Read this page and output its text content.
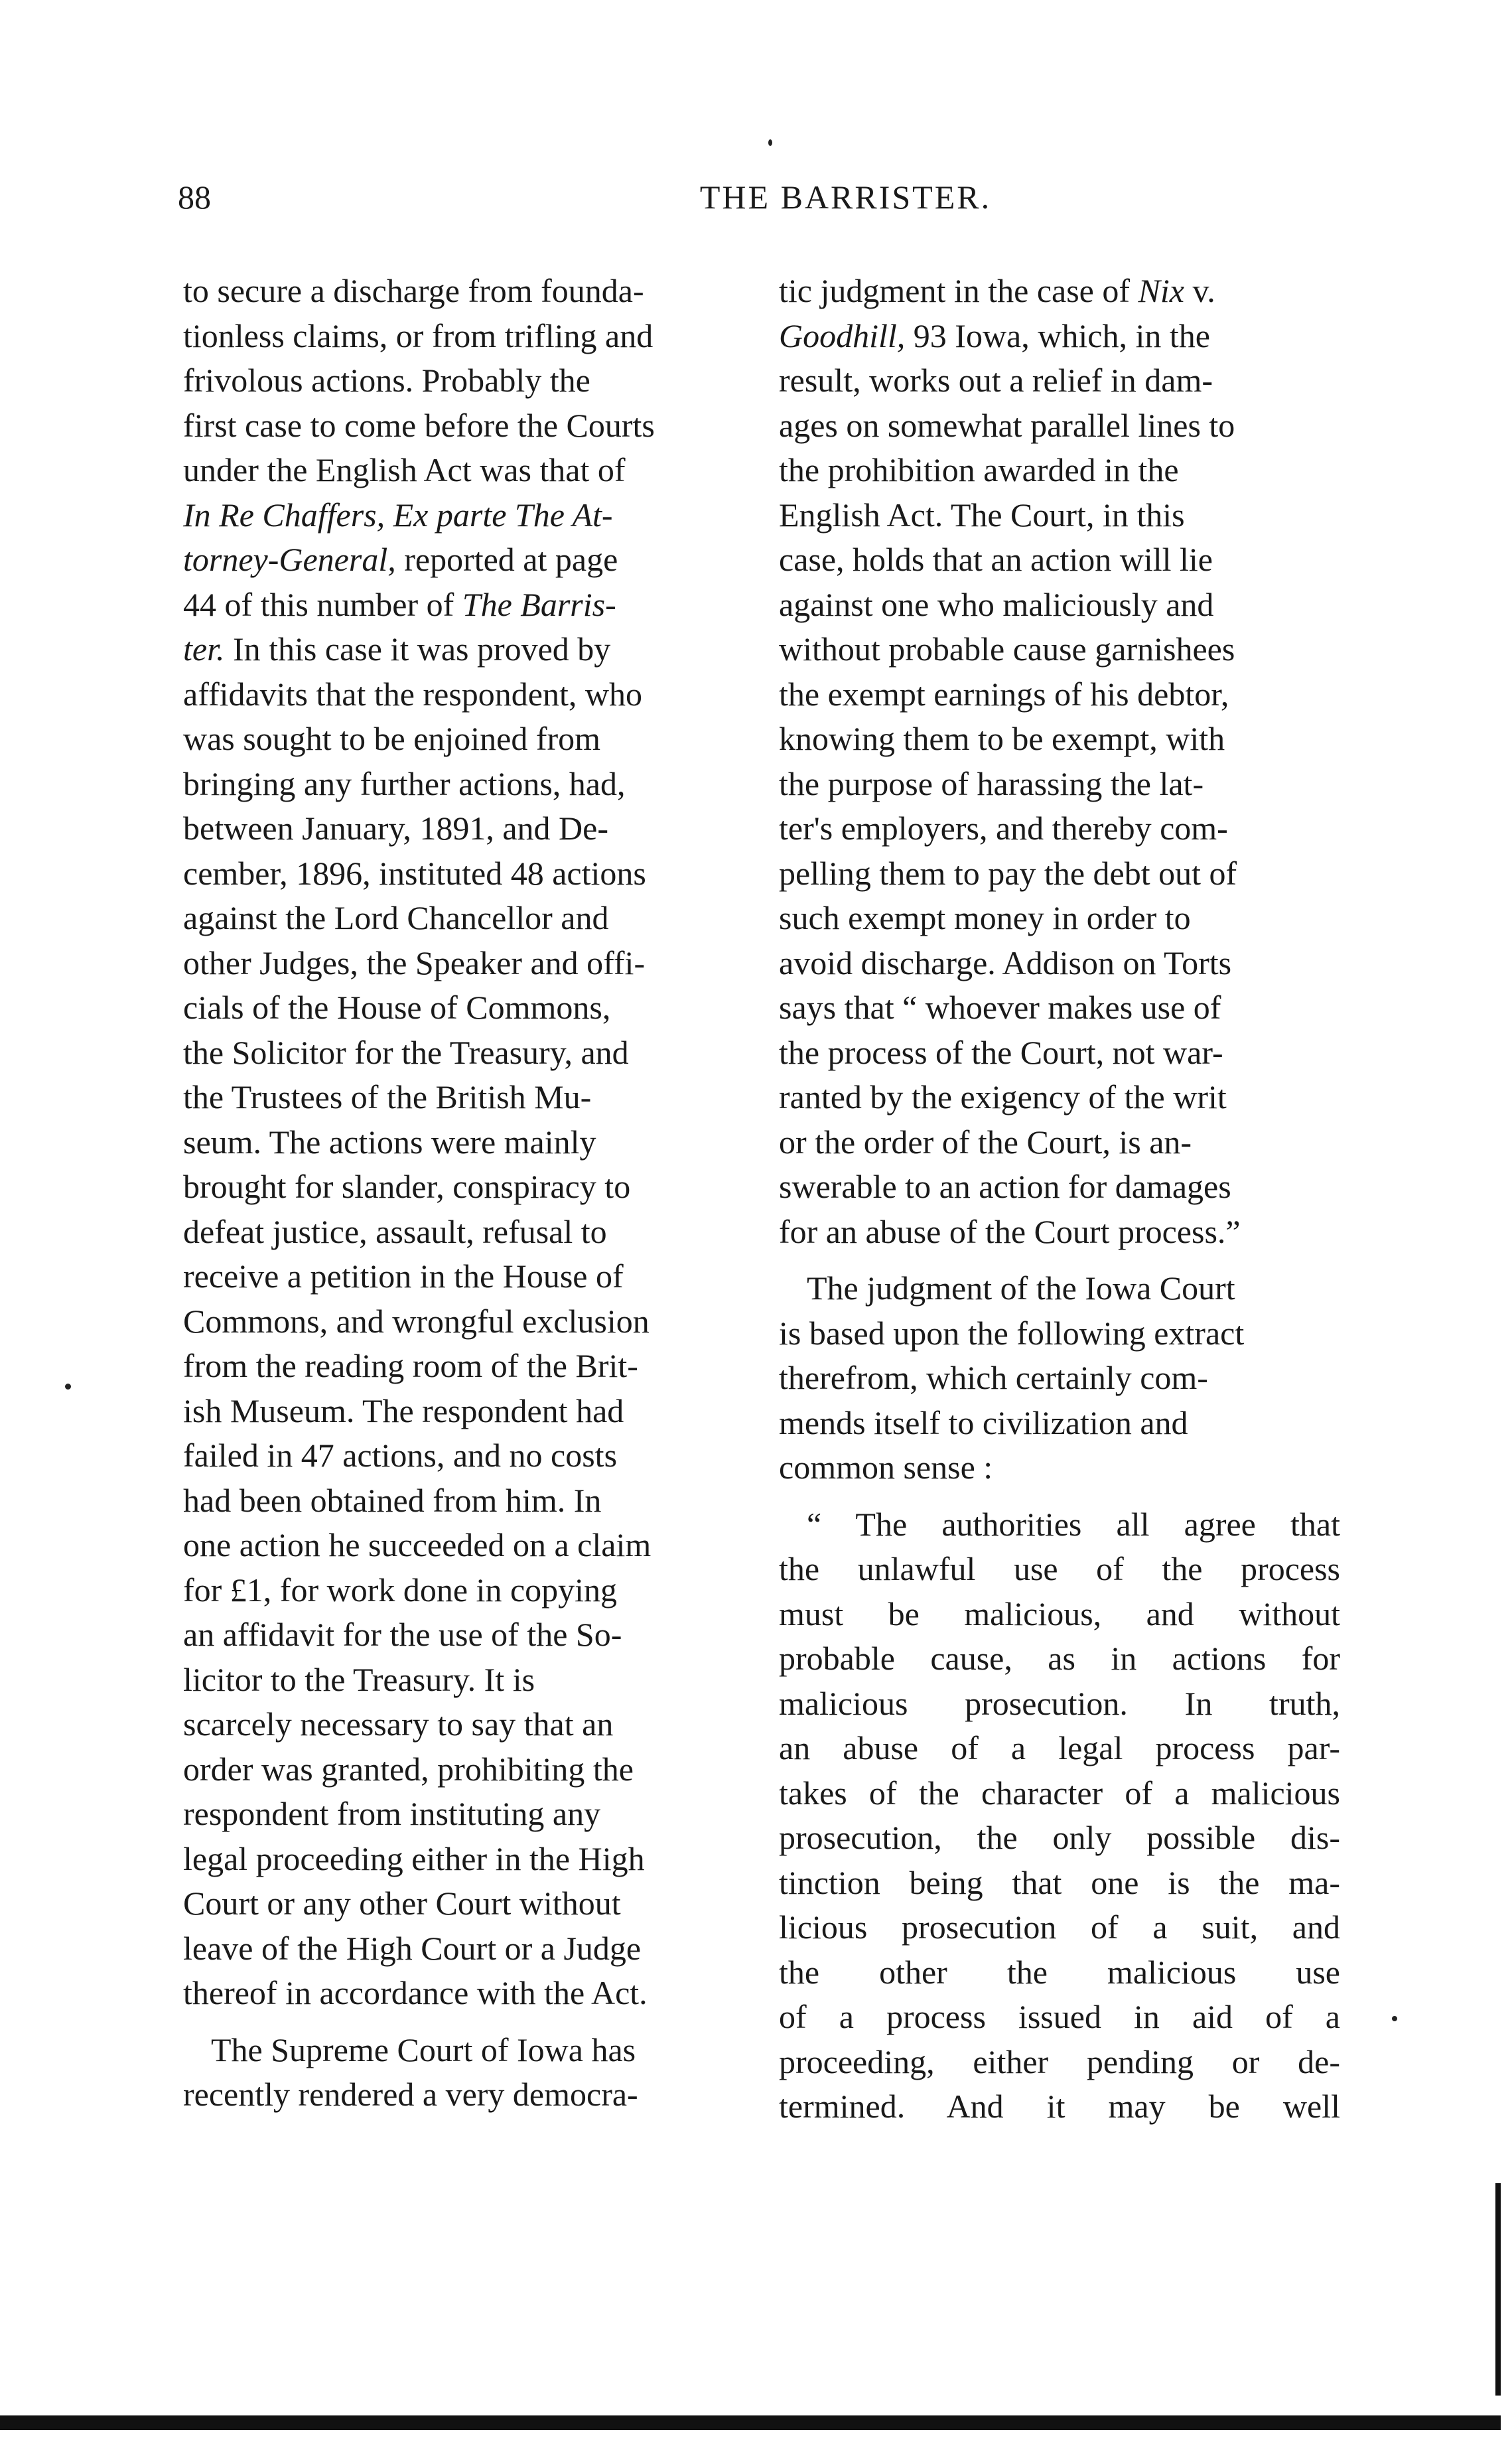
88	THE BARRISTER.

to secure a discharge from founda-
tionless claims, or from trifling and
frivolous actions. Probably the
first case to come before the Courts
under the English Act was that of
In Re Chaffers, Ex parte The At-
torney-General, reported at page
44 of this number of The Barris-
ter. In this case it was proved by
affidavits that the respondent, who
was sought to be enjoined from
bringing any further actions, had,
between January, 1891, and De-
cember, 1896, instituted 48 actions
against the Lord Chancellor and
other Judges, the Speaker and offi-
cials of the House of Commons,
the Solicitor for the Treasury, and
the Trustees of the British Mu-
seum. The actions were mainly
brought for slander, conspiracy to
defeat justice, assault, refusal to
receive a petition in the House of
Commons, and wrongful exclusion
from the reading room of the Brit-
ish Museum. The respondent had
failed in 47 actions, and no costs
had been obtained from him. In
one action he succeeded on a claim
for £1, for work done in copying
an affidavit for the use of the So-
licitor to the Treasury. It is
scarcely necessary to say that an
order was granted, prohibiting the
respondent from instituting any
legal proceeding either in the High
Court or any other Court without
leave of the High Court or a Judge
thereof in accordance with the Act.

The Supreme Court of Iowa has
recently rendered a very democra-

tic judgment in the case of Nix v.
Goodhill, 93 Iowa, which, in the
result, works out a relief in dam-
ages on somewhat parallel lines to
the prohibition awarded in the
English Act. The Court, in this
case, holds that an action will lie
against one who maliciously and
without probable cause garnishees
the exempt earnings of his debtor,
knowing them to be exempt, with
the purpose of harassing the lat-
ter's employers, and thereby com-
pelling them to pay the debt out of
such exempt money in order to
avoid discharge. Addison on Torts
says that “ whoever makes use of
the process of the Court, not war-
ranted by the exigency of the writ
or the order of the Court, is an-
swerable to an action for damages
for an abuse of the Court process.”

The judgment of the Iowa Court
is based upon the following extract
therefrom, which certainly com-
mends itself to civilization and
common sense :

“ The authorities all agree that
the unlawful use of the process
must be malicious, and without
probable cause, as in actions for
malicious prosecution. In truth,
an abuse of a legal process par-
takes of the character of a malicious
prosecution, the only possible dis-
tinction being that one is the ma-
licious prosecution of a suit, and
the other the malicious use
of a process issued in aid of a
proceeding, either pending or de-
termined. And it may be well
